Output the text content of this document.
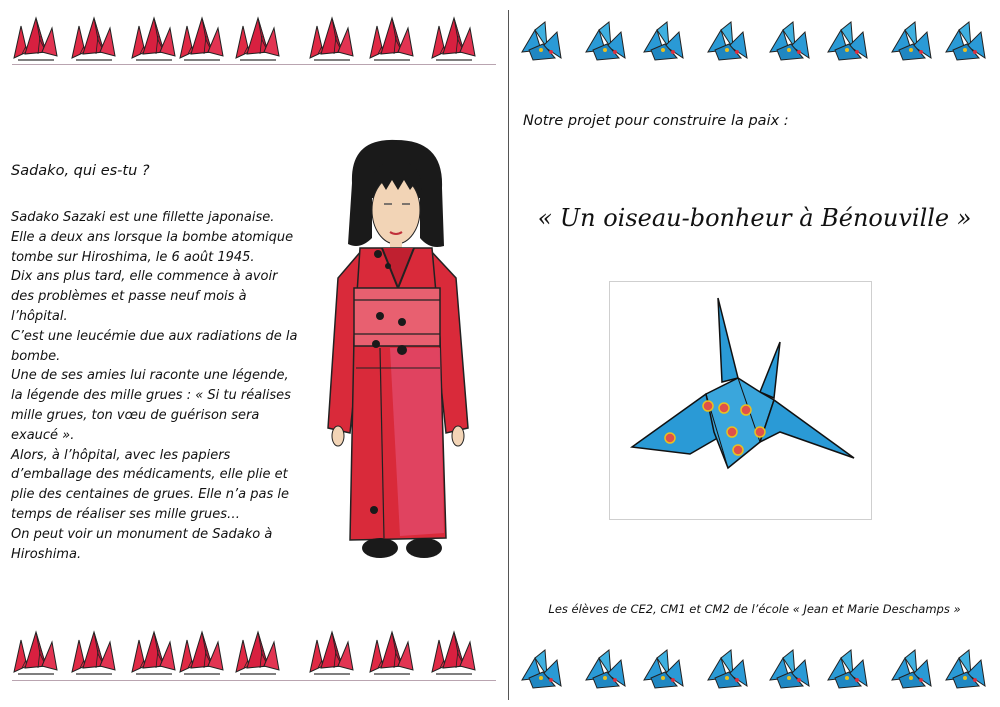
Sadako, qui es-tu ?

Sadako Sazaki est une fillette japonaise.

Elle a deux ans lorsque la bombe atomique

tombe sur Hiroshima, le 6 août 1945.

Dix ans plus tard, elle commence à avoir

des problèmes et passe neuf mois à

l’hôpital.

C’est une leucémie due aux radiations de la

bombe.

Une de ses amies lui raconte une légende,

la légende des mille grues : « Si tu réalises

mille grues, ton vœu de guérison sera

exaucé ».

Alors, à l’hôpital, avec les papiers

d’emballage des médicaments, elle plie et

plie des centaines de grues. Elle n’a pas le

temps de réaliser ses mille grues…

On peut voir un monument de Sadako à

Hiroshima.

Notre projet pour construire la paix :
« Un oiseau-bonheur à Bénouville »
Les élèves de CE2, CM1 et CM2 de l’école « Jean et Marie Deschamps »
